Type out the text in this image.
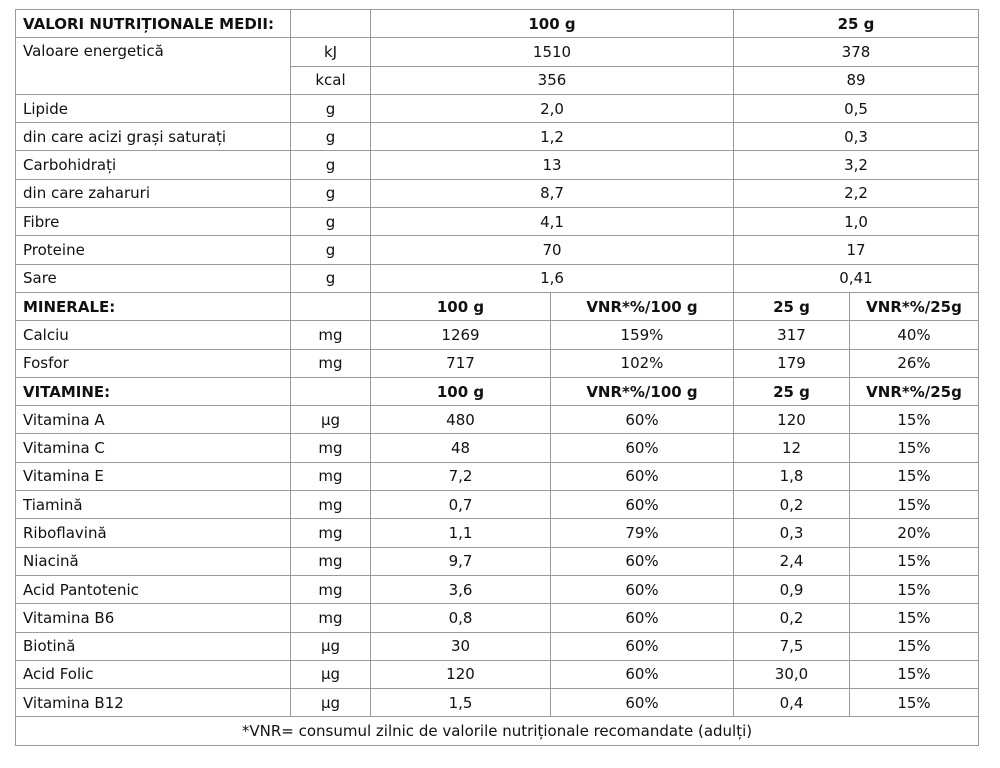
VALORI NUTRIȚIONALE MEDII:		100 g		25 g	
Valoare energetică	kJ	1510		378	
	kcal	356		89	
Lipide	g	2,0		0,5	
din care acizi grași saturați	g	1,2		0,3	
Carbohidrați	g	13		3,2	
din care zaharuri	g	8,7		2,2	
Fibre	g	4,1		1,0	
Proteine	g	70		17	
Sare	g	1,6		0,41	
MINERALE:		100 g	VNR*%/100 g	25 g	VNR*%/25g
Calciu	mg	1269	159%	317	40%
Fosfor	mg	717	102%	179	26%
VITAMINE:		100 g	VNR*%/100 g	25 g	VNR*%/25g
Vitamina A	µg	480	60%	120	15%
Vitamina C	mg	48	60%	12	15%
Vitamina E	mg	7,2	60%	1,8	15%
Tiamină	mg	0,7	60%	0,2	15%
Riboflavină	mg	1,1	79%	0,3	20%
Niacină	mg	9,7	60%	2,4	15%
Acid Pantotenic	mg	3,6	60%	0,9	15%
Vitamina B6	mg	0,8	60%	0,2	15%
Biotină	µg	30	60%	7,5	15%
Acid Folic	µg	120	60%	30,0	15%
Vitamina B12	µg	1,5	60%	0,4	15%
*VNR= consumul zilnic de valorile nutriționale recomandate (adulți)					
